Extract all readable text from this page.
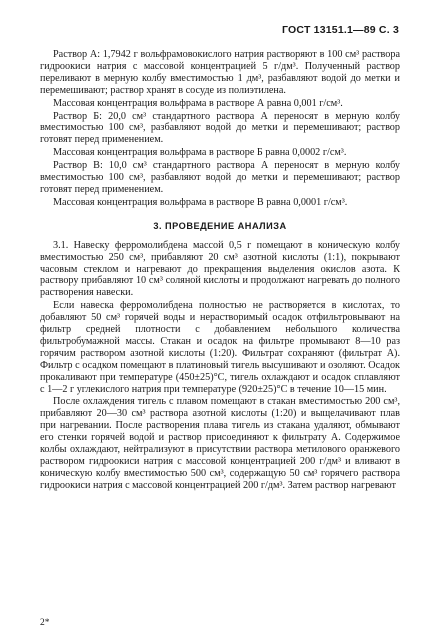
ГОСТ 13151.1—89 С. 3

Раствор А: 1,7942 г вольфрамовокислого натрия растворяют в 100 см³ раствора гидроокиси натрия с массовой концентрацией 5 г/дм³. Полученный раствор переливают в мерную колбу вместимостью 1 дм³, разбавляют водой до метки и перемешивают; раствор хранят в сосуде из полиэтилена.

Массовая концентрация вольфрама в растворе А равна 0,001 г/см³.

Раствор Б: 20,0 см³ стандартного раствора А переносят в мерную колбу вместимостью 100 см³, разбавляют водой до метки и перемешивают; раствор готовят перед применением.

Массовая концентрация вольфрама в растворе Б равна 0,0002 г/см³.

Раствор В: 10,0 см³ стандартного раствора А переносят в мерную колбу вместимостью 100 см³, разбавляют водой до метки и перемешивают; раствор готовят перед применением.

Массовая концентрация вольфрама в растворе В равна 0,0001 г/см³.

3. ПРОВЕДЕНИЕ АНАЛИЗА

3.1. Навеску ферромолибдена массой 0,5 г помещают в коническую колбу вместимостью 250 см³, прибавляют 20 см³ азотной кислоты (1:1), покрывают часовым стеклом и нагревают до прекращения выделения окислов азота. К раствору прибавляют 10 см³ соляной кислоты и продолжают нагревать до полного растворения навески.

Если навеска ферромолибдена полностью не растворяется в кислотах, то добавляют 50 см³ горячей воды и нерастворимый осадок отфильтровывают на фильтр средней плотности с добавлением небольшого количества фильтробумажной массы. Стакан и осадок на фильтре промывают 8—10 раз горячим раствором азотной кислоты (1:20). Фильтрат сохраняют (фильтрат А). Фильтр с осадком помещают в платиновый тигель высушивают и озоляют. Осадок прокаливают при температуре (450±25)°С, тигель охлаждают и осадок сплавляют с 1—2 г углекислого натрия при температуре (920±25)°С в течение 10—15 мин.

После охлаждения тигель с плавом помещают в стакан вместимостью 200 см³, прибавляют 20—30 см³ раствора азотной кислоты (1:20) и выщелачивают плав при нагревании. После растворения плава тигель из стакана удаляют, обмывают его стенки горячей водой и раствор присоединяют к фильтрату А. Содержимое колбы охлаждают, нейтрализуют в присутствии раствора метилового оранжевого раствором гидроокиси натрия с массовой концентрацией 200 г/дм³ и вливают в коническую колбу вместимостью 500 см³, содержащую 50 см³ горячего раствора гидроокиси натрия с массовой концентрацией 200 г/дм³. Затем раствор нагревают

2*
